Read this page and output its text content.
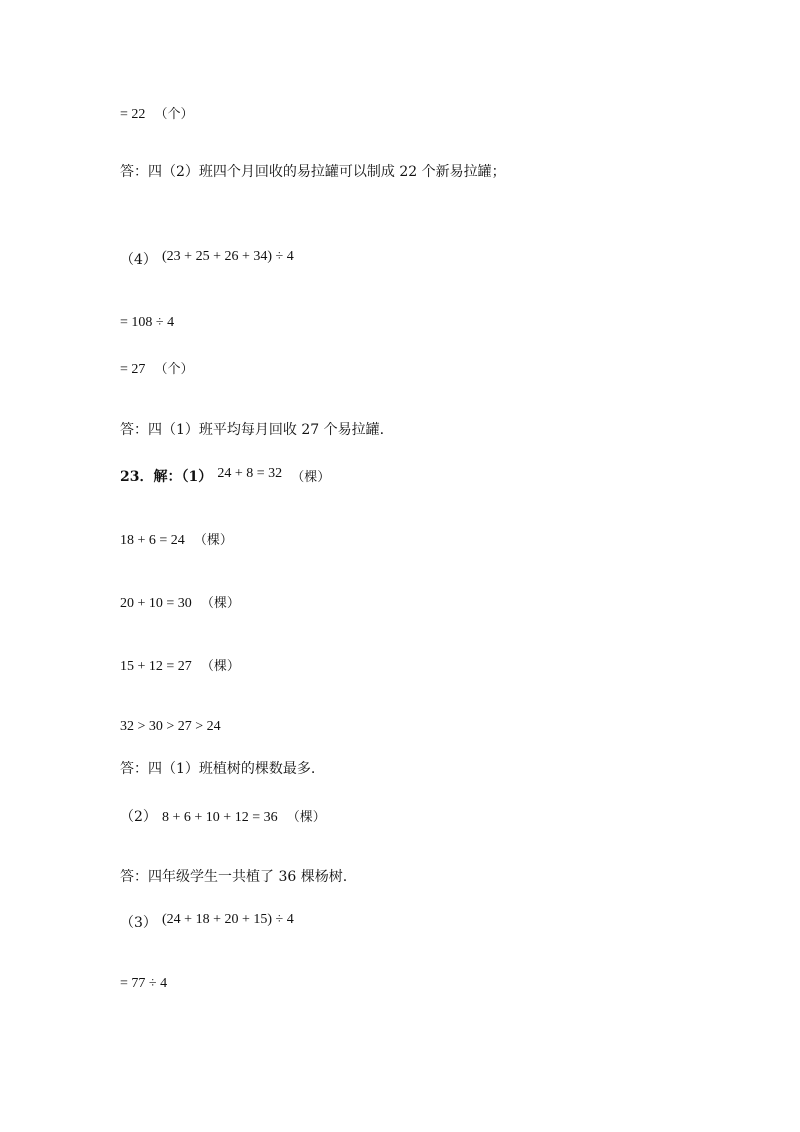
= 22 （个）
答：四（2）班四个月回收的易拉罐可以制成 22 个新易拉罐；
（4） (23 + 25 + 26 + 34) ÷ 4
= 108 ÷ 4
= 27 （个）
答：四（1）班平均每月回收 27 个易拉罐.
23．解：（1） 24 + 8 = 32 （棵）
18 + 6 = 24 （棵）
20 + 10 = 30 （棵）
15 + 12 = 27 （棵）
32 > 30 > 27 > 24
答：四（1）班植树的棵数最多.
（2） 8 + 6 + 10 + 12 = 36 （棵）
答：四年级学生一共植了 36 棵杨树.
（3） (24 + 18 + 20 + 15) ÷ 4
= 77 ÷ 4
